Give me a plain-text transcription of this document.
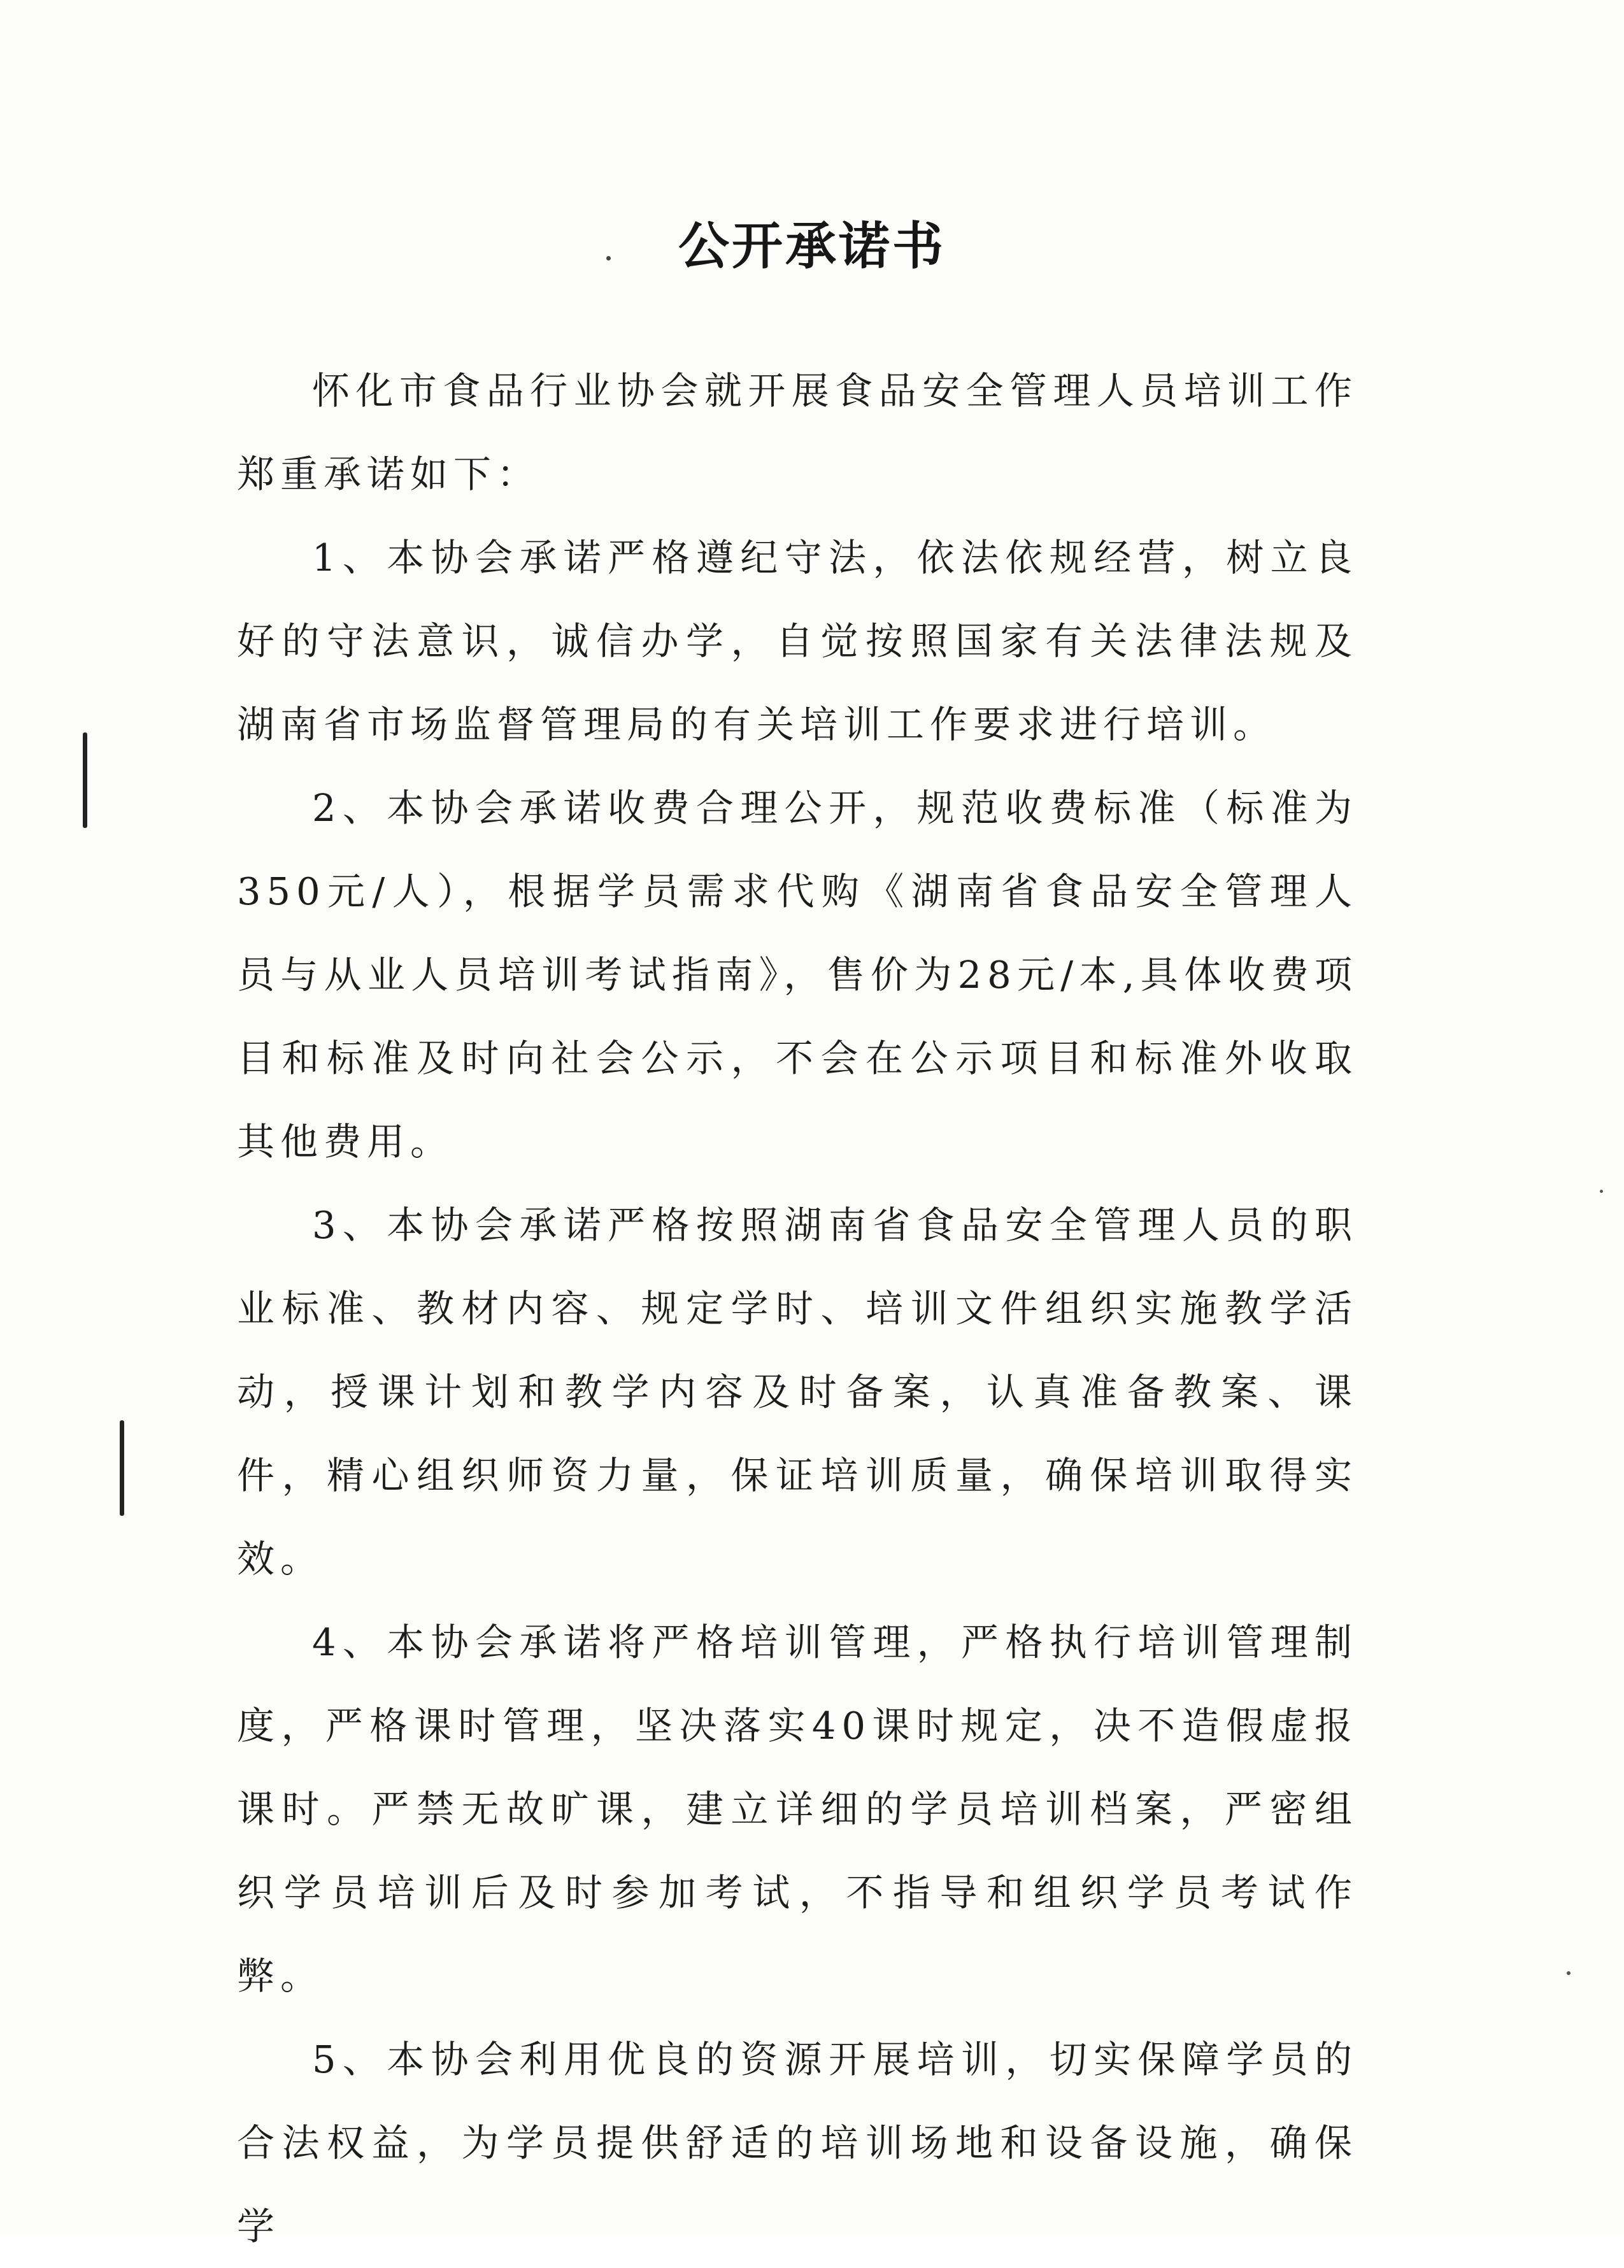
公开承诺书

怀化市食品行业协会就开展食品安全管理人员培训工作郑重承诺如下：

1、本协会承诺严格遵纪守法，依法依规经营，树立良好的守法意识，诚信办学，自觉按照国家有关法律法规及湖南省市场监督管理局的有关培训工作要求进行培训。

2、本协会承诺收费合理公开，规范收费标准（标准为350元/人），根据学员需求代购《湖南省食品安全管理人员与从业人员培训考试指南》，售价为28元/本,具体收费项目和标准及时向社会公示，不会在公示项目和标准外收取其他费用。

3、本协会承诺严格按照湖南省食品安全管理人员的职业标准、教材内容、规定学时、培训文件组织实施教学活动，授课计划和教学内容及时备案，认真准备教案、课件，精心组织师资力量，保证培训质量，确保培训取得实效。

4、本协会承诺将严格培训管理，严格执行培训管理制度，严格课时管理，坚决落实40课时规定，决不造假虚报课时。严禁无故旷课，建立详细的学员培训档案，严密组织学员培训后及时参加考试，不指导和组织学员考试作弊。

5、本协会利用优良的资源开展培训，切实保障学员的合法权益，为学员提供舒适的培训场地和设备设施，确保学
